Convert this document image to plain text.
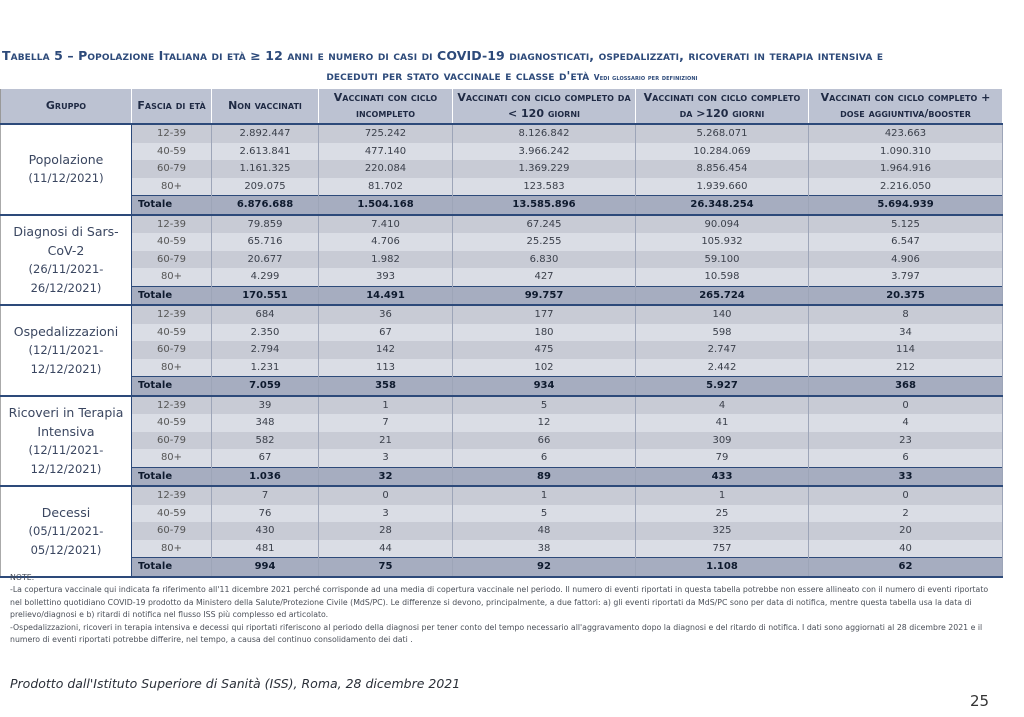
Tabella 5 – Popolazione Italiana di età ≥ 12 anni e numero di casi di COVID-19 diagnosticati, ospedalizzati, ricoverati in terapia intensiva e
deceduti per stato vaccinale e classe d'età Vedi glossario per definizioni
Gruppo	Fascia di età	Non vaccinati	Vaccinati con ciclo incompleto	Vaccinati con ciclo completo da < 120 giorni	Vaccinati con ciclo completo da >120 giorni	Vaccinati con ciclo completo + dose aggiuntiva/booster
Popolazione
(11/12/2021)	12-39	2.892.447	725.242	8.126.842	5.268.071	423.663
	40-59	2.613.841	477.140	3.966.242	10.284.069	1.090.310
	60-79	1.161.325	220.084	1.369.229	8.856.454	1.964.916
	80+	209.075	81.702	123.583	1.939.660	2.216.050
	Totale	6.876.688	1.504.168	13.585.896	26.348.254	5.694.939
Diagnosi di Sars-CoV-2
(26/11/2021-26/12/2021)	12-39	79.859	7.410	67.245	90.094	5.125
	40-59	65.716	4.706	25.255	105.932	6.547
	60-79	20.677	1.982	6.830	59.100	4.906
	80+	4.299	393	427	10.598	3.797
	Totale	170.551	14.491	99.757	265.724	20.375
Ospedalizzazioni
(12/11/2021-12/12/2021)	12-39	684	36	177	140	8
	40-59	2.350	67	180	598	34
	60-79	2.794	142	475	2.747	114
	80+	1.231	113	102	2.442	212
	Totale	7.059	358	934	5.927	368
Ricoveri in Terapia Intensiva
(12/11/2021-12/12/2021)	12-39	39	1	5	4	0
	40-59	348	7	12	41	4
	60-79	582	21	66	309	23
	80+	67	3	6	79	6
	Totale	1.036	32	89	433	33
Decessi
(05/11/2021-05/12/2021)	12-39	7	0	1	1	0
	40-59	76	3	5	25	2
	60-79	430	28	48	325	20
	80+	481	44	38	757	40
	Totale	994	75	92	1.108	62

NOTE:

-La copertura vaccinale qui indicata fa riferimento all'11 dicembre 2021 perché corrisponde ad una media di copertura vaccinale nel periodo. Il numero di eventi riportati in questa tabella potrebbe non essere allineato con il numero di eventi riportato nel bollettino quotidiano COVID-19 prodotto da Ministero della Salute/Protezione Civile (MdS/PC). Le differenze si devono, principalmente, a due fattori: a) gli eventi riportati da MdS/PC sono per data di notifica, mentre questa tabella usa la data di prelievo/diagnosi e b) ritardi di notifica nel flusso ISS più complesso ed articolato.

-Ospedalizzazioni, ricoveri in terapia intensiva e decessi qui riportati riferiscono al periodo della diagnosi per tener conto del tempo necessario all'aggravamento dopo la diagnosi e del ritardo di notifica. I dati sono aggiornati al 28 dicembre 2021 e il numero di eventi riportati potrebbe differire, nel tempo, a causa del continuo consolidamento dei dati .

Prodotto dall'Istituto Superiore di Sanità (ISS), Roma, 28 dicembre 2021
25
